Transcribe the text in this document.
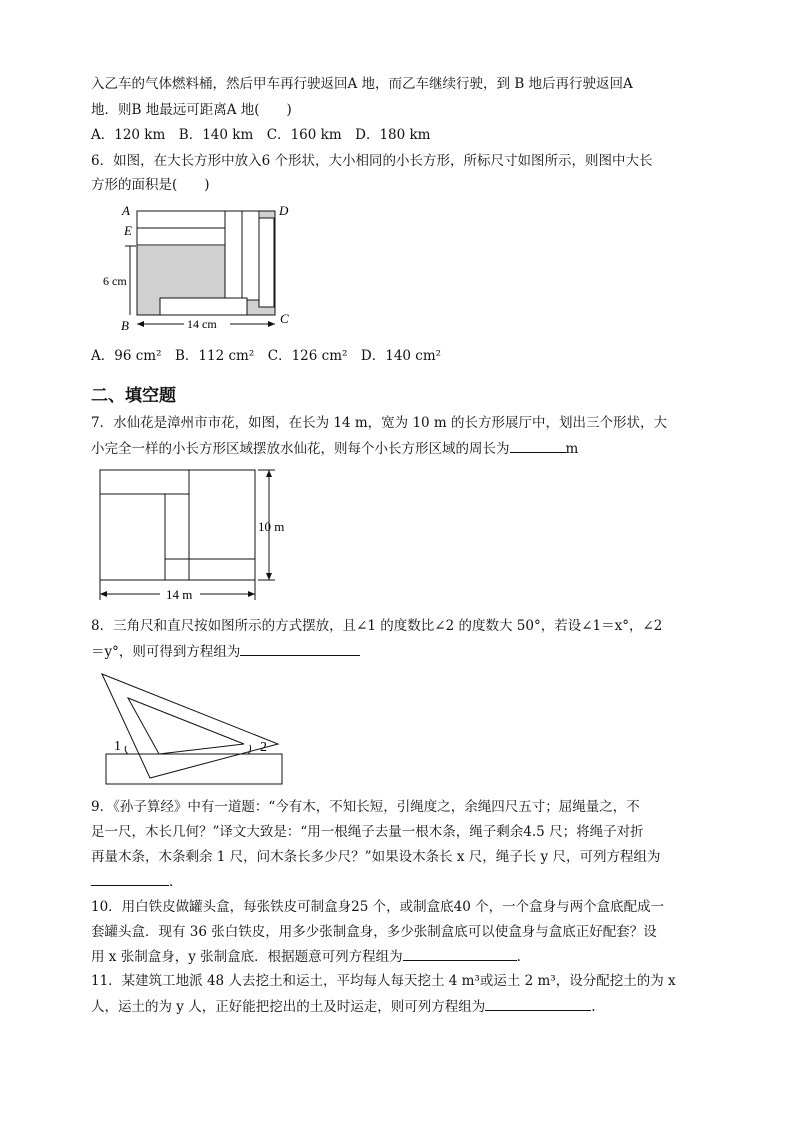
入乙车的气体燃料桶，然后甲车再行驶返回A 地，而乙车继续行驶，到 B 地后再行驶返回A
地．则B 地最远可距离A 地(　　)
A．120 km　B．140 km　C．160 km　D．180 km
6．如图，在大长方形中放入6 个形状，大小相同的小长方形，所标尺寸如图所示，则图中大长
方形的面积是(　　)
A	D
E
B	C
6 cm
14 cm
A．96 cm²　B．112 cm²　C．126 cm²　D．140 cm²
二、填空题
7．水仙花是漳州市市花，如图，在长为 14 m，宽为 10 m 的长方形展厅中，划出三个形状，大
小完全一样的小长方形区域摆放水仙花，则每个小长方形区域的周长为	m
10 m
14 m
8．三角尺和直尺按如图所示的方式摆放，且∠1 的度数比∠2 的度数大 50°，若设∠1＝x°，∠2
＝y°，则可得到方程组为
1	2
9．《孙子算经》中有一道题：“今有木，不知长短，引绳度之，余绳四尺五寸；屈绳量之，不
足一尺，木长几何？”译文大致是：“用一根绳子去量一根木条，绳子剩余4.5 尺；将绳子对折
再量木条，木条剩余 1 尺，问木条长多少尺？”如果设木条长 x 尺，绳子长 y 尺，可列方程组为
.
10．用白铁皮做罐头盒，每张铁皮可制盒身25 个，或制盒底40 个，一个盒身与两个盒底配成一
套罐头盒．现有 36 张白铁皮，用多少张制盒身，多少张制盒底可以使盒身与盒底正好配套？设
用 x 张制盒身，y 张制盒底．根据题意可列方程组为	.
11．某建筑工地派 48 人去挖土和运土，平均每人每天挖土 4 m³或运土 2 m³，设分配挖土的为 x
人，运土的为 y 人，正好能把挖出的土及时运走，则可列方程组为	.
